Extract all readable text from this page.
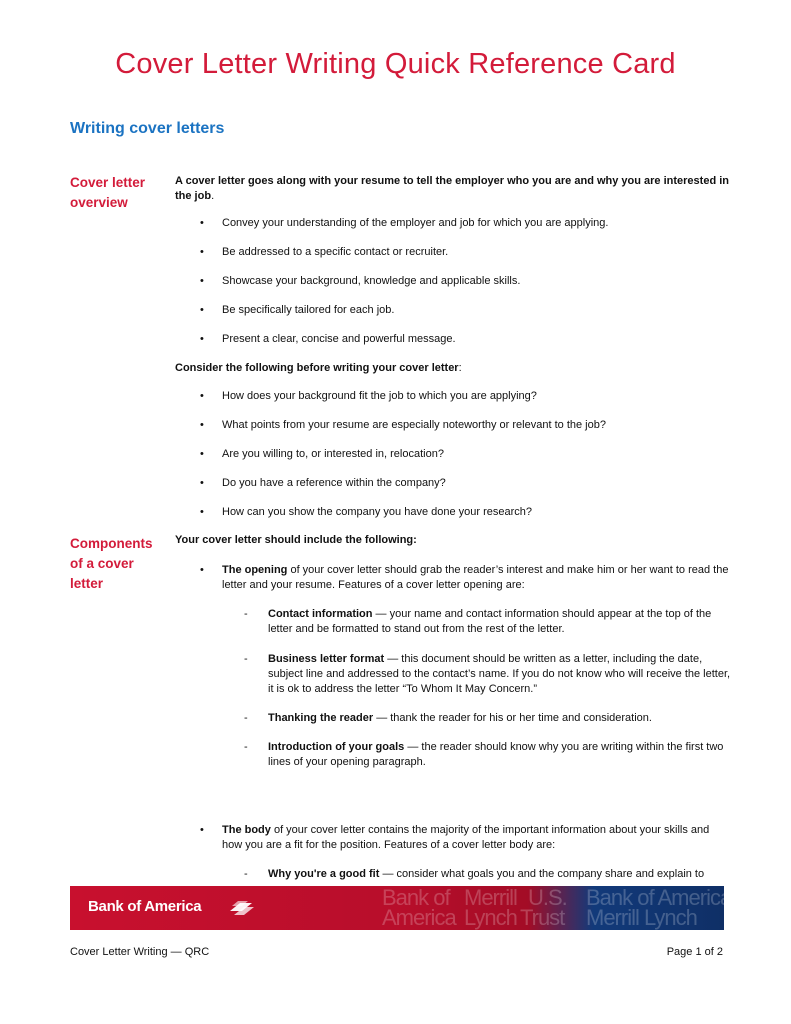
Cover Letter Writing Quick Reference Card
Writing cover letters
Cover letter overview
A cover letter goes along with your resume to tell the employer who you are and why you are interested in the job.
• Convey your understanding of the employer and job for which you are applying.
• Be addressed to a specific contact or recruiter.
• Showcase your background, knowledge and applicable skills.
• Be specifically tailored for each job.
• Present a clear, concise and powerful message.
Consider the following before writing your cover letter:
• How does your background fit the job to which you are applying?
• What points from your resume are especially noteworthy or relevant to the job?
• Are you willing to, or interested in, relocation?
• Do you have a reference within the company?
• How can you show the company you have done your research?
Components of a cover letter
Your cover letter should include the following:
• The opening of your cover letter should grab the reader’s interest and make him or her want to read the letter and your resume. Features of a cover letter opening are:
- Contact information — your name and contact information should appear at the top of the letter and be formatted to stand out from the rest of the letter.
- Business letter format — this document should be written as a letter, including the date, subject line and addressed to the contact’s name. If you do not know who will receive the letter, it is ok to address the letter “To Whom It May Concern.”
- Thanking the reader — thank the reader for his or her time and consideration.
- Introduction of your goals — the reader should know why you are writing within the first two lines of your opening paragraph.
• The body of your cover letter contains the majority of the important information about your skills and how you are a fit for the position. Features of a cover letter body are:
- Why you're a good fit — consider what goals you and the company share and explain to
Bank of America	Bank of
America
Merrill
Lynch
U.S.
Trust
Bank of America
Merrill Lynch
Cover Letter Writing — QRC	Page 1 of 2
